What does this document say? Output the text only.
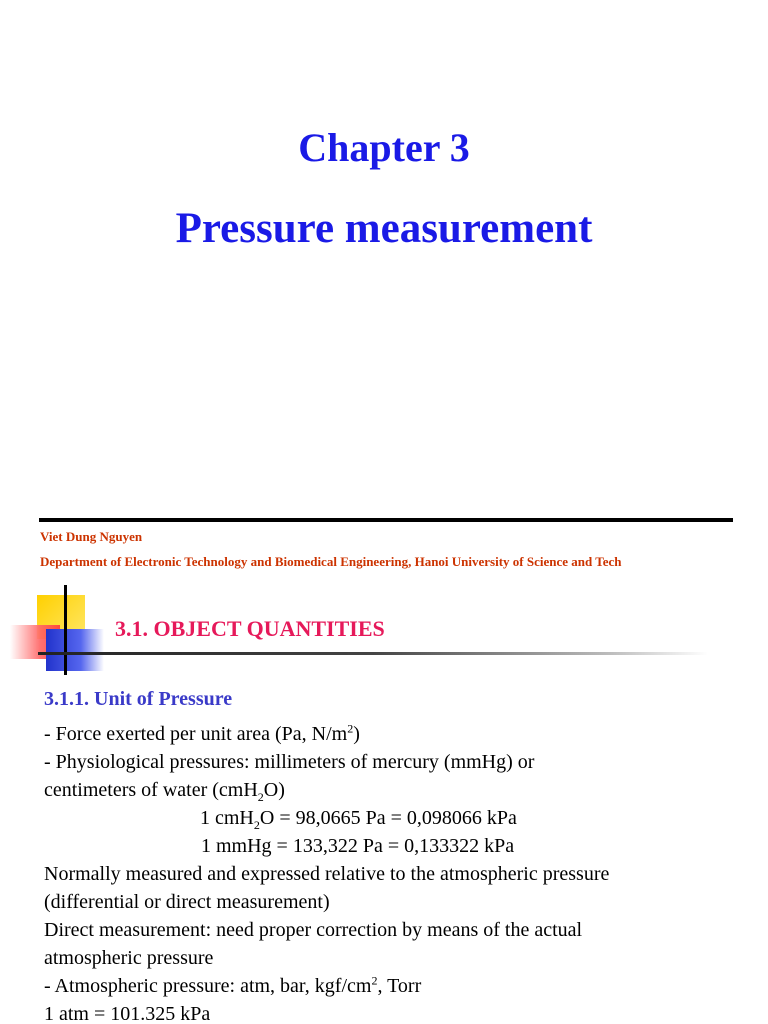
Chapter 3
Pressure measurement
Viet Dung Nguyen
Department of Electronic Technology and Biomedical Engineering, Hanoi University of Science and Tech
3.1. OBJECT QUANTITIES
3.1.1. Unit of Pressure
- Force exerted per unit area (Pa, $N/m^2$)
- Physiological pressures: millimeters of mercury (mmHg) or
centimeters of water (cmH$_2$O)
1 cmH$_2$O = 98,0665 Pa = 0,098066 kPa
1 mmHg = 133,322 Pa = 0,133322 kPa
Normally measured and expressed relative to the atmospheric pressure
(differential or direct measurement)
Direct measurement: need proper correction by means of the actual
atmospheric pressure
- Atmospheric pressure: atm, bar, kgf/$cm^2$, Torr
1 atm = 101.325 kPa
